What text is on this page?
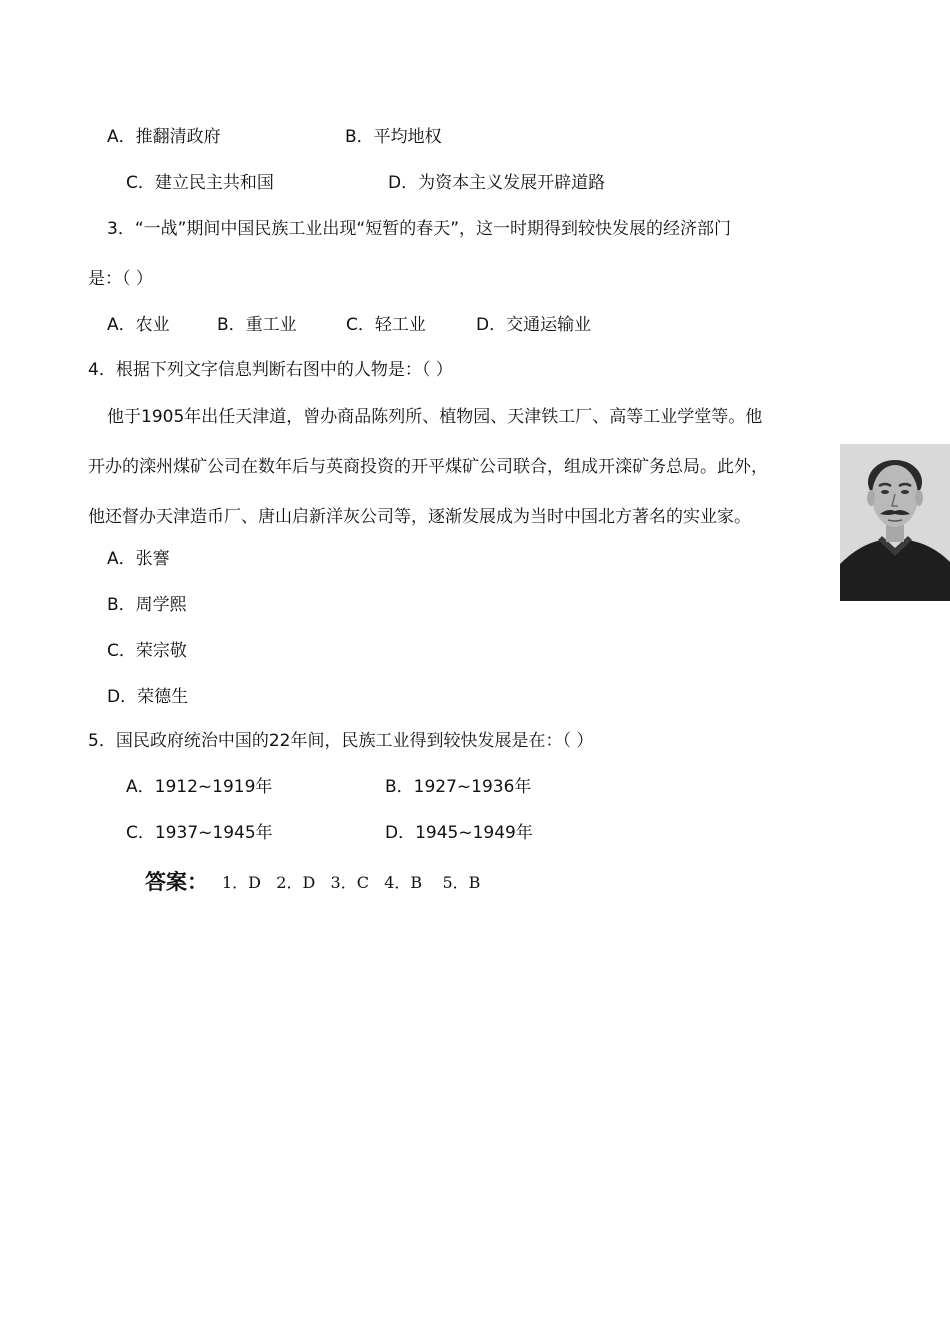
A．推翻清政府	B．平均地权
C．建立民主共和国	D．为资本主义发展开辟道路
3．“一战”期间中国民族工业出现“短暂的春天”，这一时期得到较快发展的经济部门
是：（ ）
A．农业	B．重工业	C．轻工业	D．交通运输业
4．根据下列文字信息判断右图中的人物是：（ ）
他于1905年出任天津道，曾办商品陈列所、植物园、天津铁工厂、高等工业学堂等。他
开办的滦州煤矿公司在数年后与英商投资的开平煤矿公司联合，组成开滦矿务总局。此外，
他还督办天津造币厂、唐山启新洋灰公司等，逐渐发展成为当时中国北方著名的实业家。
A．张謇
B．周学熙
C．荣宗敬
D．荣德生
5．国民政府统治中国的22年间，民族工业得到较快发展是在：（ ）
A．1912~1919年	B．1927~1936年
C．1937~1945年	D．1945~1949年
答案： 1．D   2．D   3．C   4．B    5．B
